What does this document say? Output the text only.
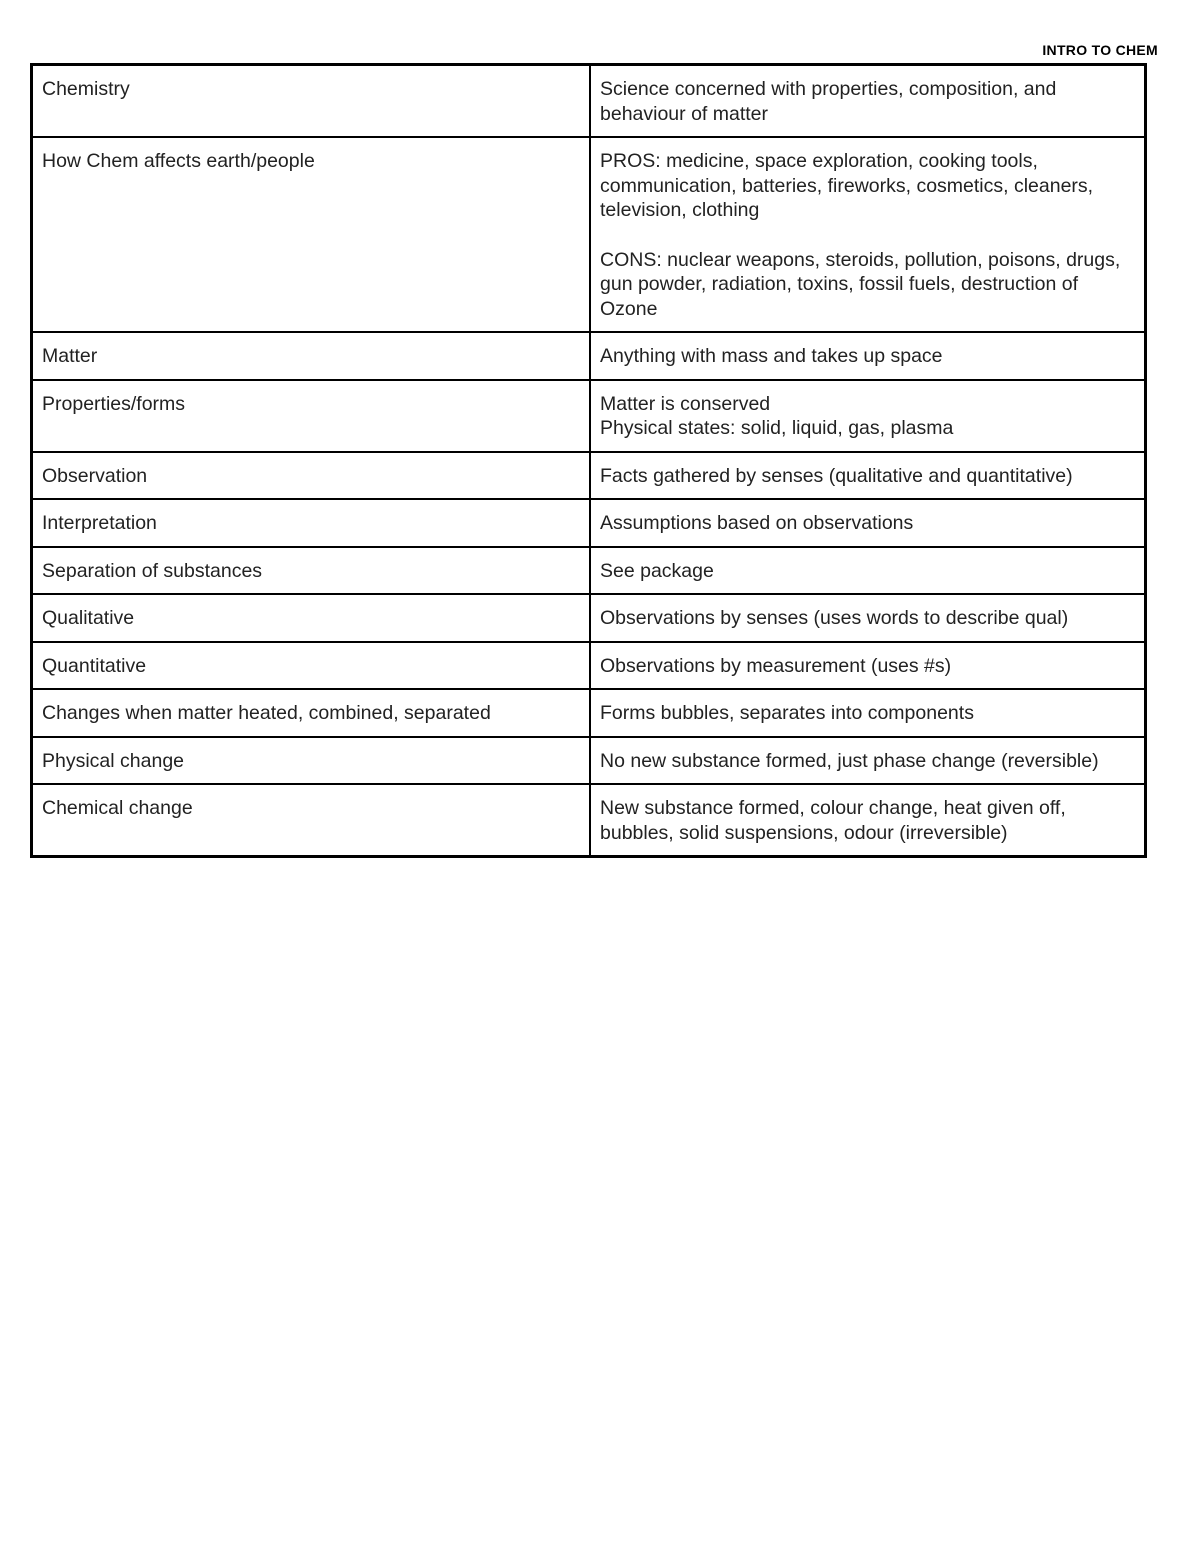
INTRO TO CHEM
Chemistry	Science concerned with properties, composition, and behaviour of matter

How Chem affects earth/people	PROS: medicine, space exploration, cooking tools, communication, batteries, fireworks, cosmetics, cleaners, television, clothing
CONS: nuclear weapons, steroids, pollution, poisons, drugs, gun powder, radiation, toxins, fossil fuels, destruction of Ozone

Matter	Anything with mass and takes up space

Properties/forms	Matter is conserved
Physical states: solid, liquid, gas, plasma

Observation	Facts gathered by senses (qualitative and quantitative)

Interpretation	Assumptions based on observations

Separation of substances	See package

Qualitative	Observations by senses (uses words to describe qual)

Quantitative	Observations by measurement (uses #s)

Changes when matter heated, combined, separated	Forms bubbles, separates into components

Physical change	No new substance formed, just phase change (reversible)

Chemical change	New substance formed, colour change, heat given off, bubbles, solid suspensions, odour (irreversible)
